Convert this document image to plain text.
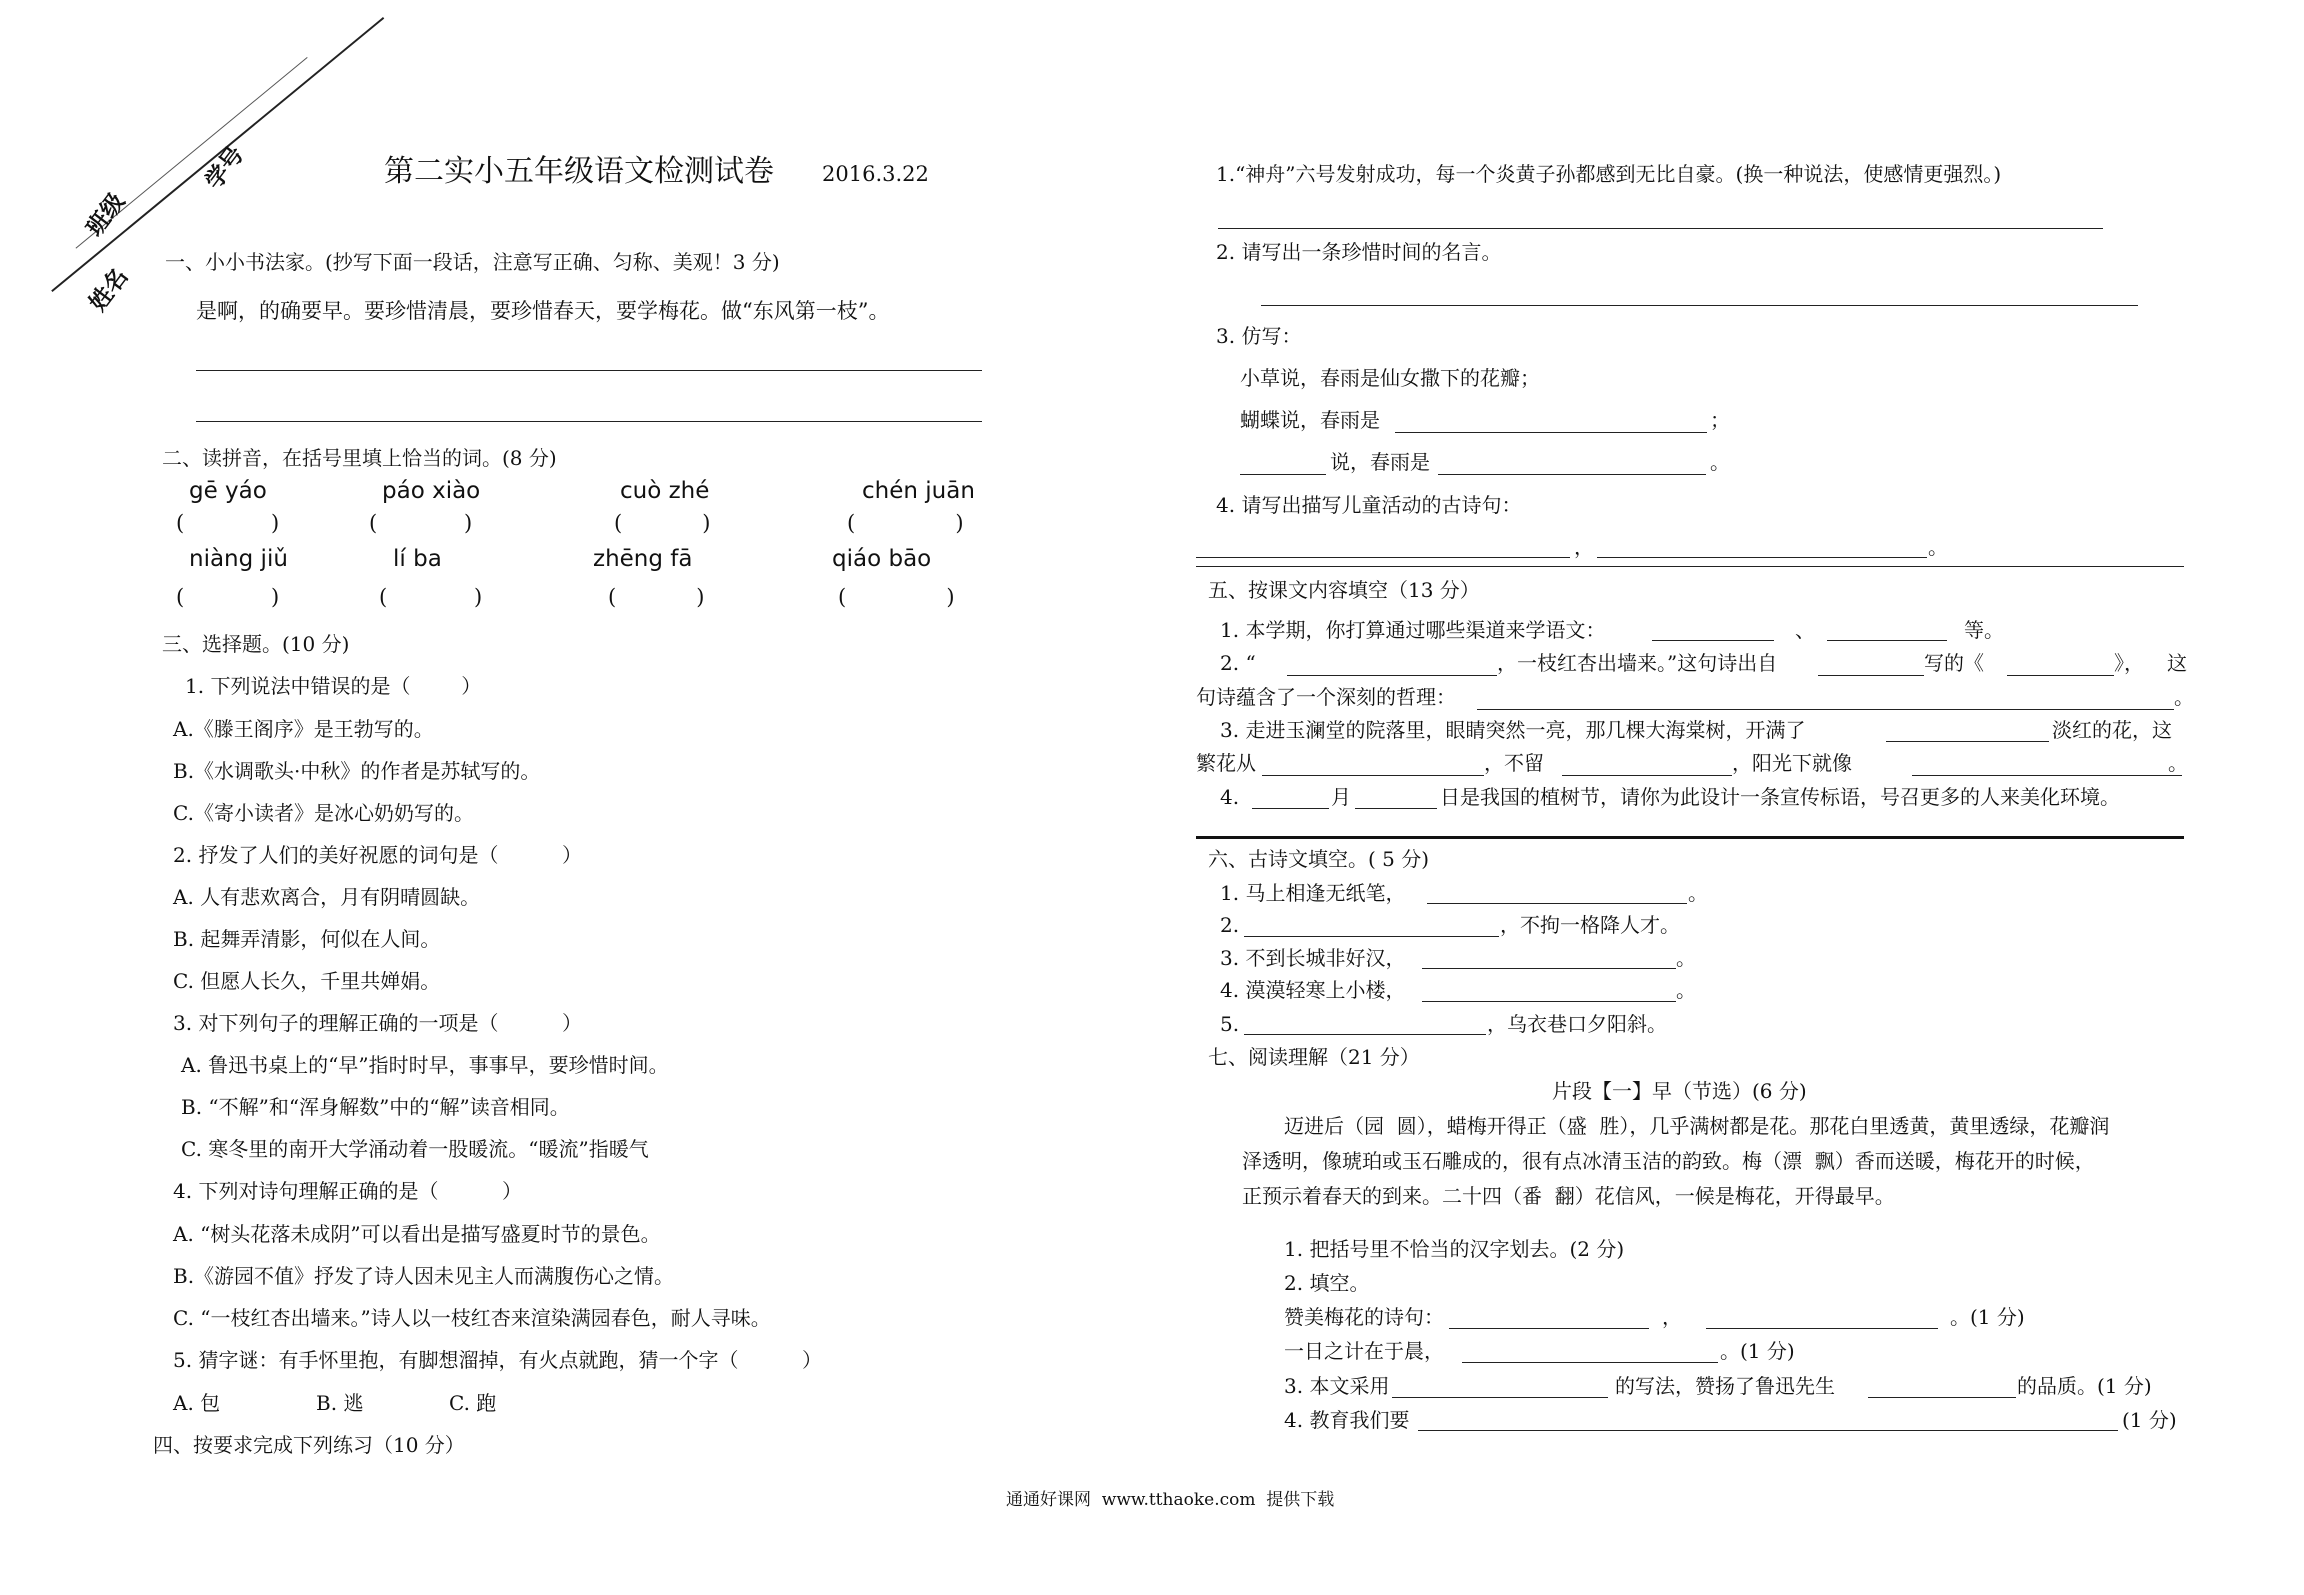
班级
学号
姓名
第二实小五年级语文检测试卷 2016.3.22
一、小小书法家。(抄写下面一段话，注意写正确、匀称、美观！3 分)
是啊，的确要早。要珍惜清晨，要珍惜春天，要学梅花。做“东风第一枝”。
二、读拼音，在括号里填上恰当的词。(8 分)
gē yáo	páo xiào	cuò zhé	chén juān
(             )	(             )	(            )	(               )
niàng jiǔ	lí ba	zhēng fā	qiáo bāo
(             )	(             )	(            )	(               )
三、选择题。(10 分)
1. 下列说法中错误的是（        ）
A.《滕王阁序》是王勃写的。
B.《水调歌头·中秋》的作者是苏轼写的。
C.《寄小读者》是冰心奶奶写的。
2. 抒发了人们的美好祝愿的词句是（          ）
A. 人有悲欢离合，月有阴晴圆缺。
B. 起舞弄清影，何似在人间。
C. 但愿人长久，千里共婵娟。
3. 对下列句子的理解正确的一项是（          ）
A. 鲁迅书桌上的“早”指时时早，事事早，要珍惜时间。
B. “不解”和“浑身解数”中的“解”读音相同。
C. 寒冬里的南开大学涌动着一股暖流。“暖流”指暖气
4. 下列对诗句理解正确的是（          ）
A. “树头花落未成阴”可以看出是描写盛夏时节的景色。
B.《游园不值》抒发了诗人因未见主人而满腹伤心之情。
C. “一枝红杏出墙来。”诗人以一枝红杏来渲染满园春色，耐人寻味。
5. 猜字谜：有手怀里抱，有脚想溜掉，有火点就跑，猜一个字（          ）
A. 包	B. 逃	C. 跑
四、按要求完成下列练习（10 分）
1.“神舟”六号发射成功，每一个炎黄子孙都感到无比自豪。(换一种说法，使感情更强烈。)
2. 请写出一条珍惜时间的名言。
3. 仿写：
小草说，春雨是仙女撒下的花瓣；
蝴蝶说，春雨是	；
说，春雨是	。
4. 请写出描写儿童活动的古诗句：
，	。
五、按课文内容填空（13 分）
1. 本学期，你打算通过哪些渠道来学语文：	、	等。
2. “	，一枝红杏出墙来。”这句诗出自	写的《	》， 这
句诗蕴含了一个深刻的哲理：	。
3. 走进玉澜堂的院落里，眼睛突然一亮，那几棵大海棠树，开满了	淡红的花，这
繁花从	，不留	，阳光下就像	。
4.	月	日是我国的植树节，请你为此设计一条宣传标语，号召更多的人来美化环境。
六、古诗文填空。( 5 分)
1. 马上相逢无纸笔，	。
2.	，不拘一格降人才。
3. 不到长城非好汉，	。
4. 漠漠轻寒上小楼，	。
5.	，乌衣巷口夕阳斜。
七、阅读理解（21 分）
片段【一】早（节选）(6 分)
迈进后（园  圆），蜡梅开得正（盛  胜），几乎满树都是花。那花白里透黄，黄里透绿，花瓣润
泽透明，像琥珀或玉石雕成的，很有点冰清玉洁的韵致。梅（漂  飘）香而送暖，梅花开的时候，
正预示着春天的到来。二十四（番  翻）花信风，一候是梅花，开得最早。
1. 把括号里不恰当的汉字划去。(2 分)
2. 填空。
赞美梅花的诗句：	，	。(1 分)
一日之计在于晨，	。(1 分)
3. 本文采用	的写法，赞扬了鲁迅先生	的品质。(1 分)
4. 教育我们要	(1 分)
通通好课网  www.tthaoke.com  提供下载
